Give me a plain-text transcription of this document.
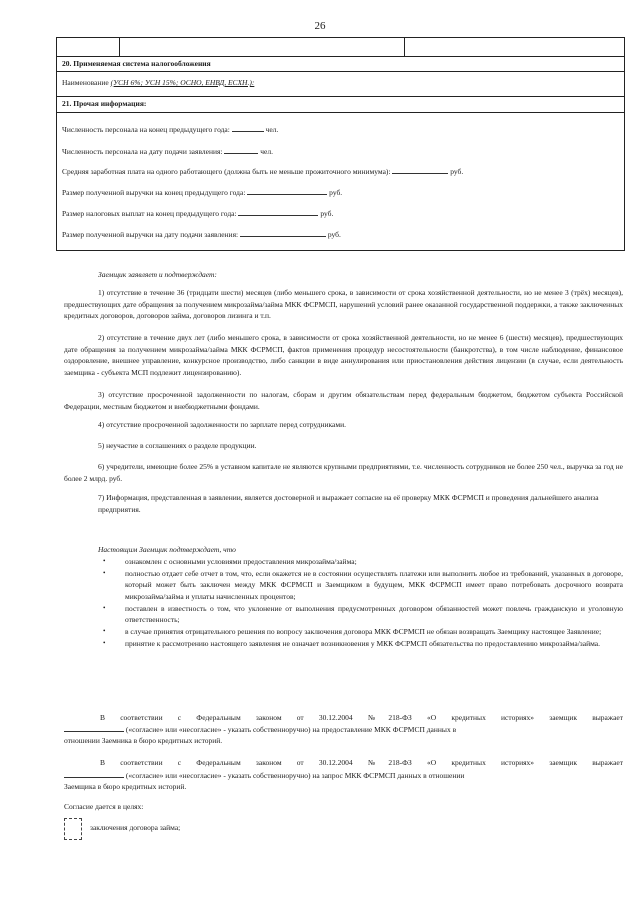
26
20. Применяемая система налогообложения
Наименование (УСН 6%; УСН 15%; ОСНО, ЕНВД, ЕСХН.):
21. Прочая информация:
Численность персонала на конец предыдущего года:	чел.
Численность персонала на дату подачи заявления:	чел.
Средняя заработная плата на одного работающего (должна быть не меньше прожиточного минимума):	руб.
Размер полученной выручки на конец предыдущего года:	руб.
Размер налоговых выплат на конец предыдущего года:	руб.
Размер полученной выручки на дату подачи заявления:	руб.
Заемщик заявляет и подтверждает:

1) отсутствие в течение 36 (тридцати шести) месяцев (либо меньшего срока, в зависимости от срока хозяйственной деятельности, но не менее 3 (трёх) месяцев), предшествующих дате обращения за получением микрозайма/займа МКК ФСРМСП, нарушений условий ранее оказанной государственной поддержки, а также заключенных кредитных договоров, договоров займа, договоров лизинга и т.п.

2) отсутствие в течение двух лет (либо меньшего срока, в зависимости от срока хозяйственной деятельности, но не менее 6 (шести) месяцев), предшествующих дате обращения за получением микрозайма/займа МКК ФСРМСП, фактов применения процедур несостоятельности (банкротства), в том числе наблюдение, финансовое оздоровление, внешнее управление, конкурсное производство, либо санкции в виде аннулирования или приостановления действия лицензии (в случае, если деятельность заемщика - субъекта МСП подлежит лицензированию).

3) отсутствие просроченной задолженности по налогам, сборам и другим обязательствам перед федеральным бюджетом, бюджетом субъекта Российской Федерации, местным бюджетом и внебюджетными фондами.

4) отсутствие просроченной задолженности по зарплате перед сотрудниками.

5) неучастие в соглашениях о разделе продукции.

6) учредители, имеющие более 25% в уставном капитале не являются крупными предприятиями, т.е. численность сотрудников не более 250 чел., выручка за год не более 2 млрд. руб.

7) Информация, представленная в заявлении, является достоверной и выражает согласие на её проверку МКК ФСРМСП и проведения дальнейшего анализа предприятия.

Настоящим Заемщик подтверждает, что
•	ознакомлен с основными условиями предоставления микрозайма/займа;
•	полностью отдает себе отчет в том, что, если окажется не в состоянии осуществлять платежи или выполнить любое из требований, указанных в договоре, который может быть заключен между МКК ФСРМСП и Заемщиком в будущем, МКК ФСРМСП имеет право потребовать досрочного возврата микрозайма/займа и уплаты начисленных процентов;
•	поставлен в известность о том, что уклонение от выполнения предусмотренных договором обязанностей может повлечь гражданскую и уголовную ответственность;
•	в случае принятия отрицательного решения по вопросу заключения договора МКК ФСРМСП не обязан возвращать Заемщику настоящее Заявление;
•	принятие к рассмотрению настоящего заявления не означает возникновения у МКК ФСРМСП обязательства по предоставлению микрозайма/займа.
В соответствии с Федеральным законом от 30.12.2004 №218-ФЗ «О кредитных историях» заемщик выражает
(«согласие» или «несогласие» - указать собственноручно) на предоставление МКК ФСРМСП данных в
отношении Заемника в бюро кредитных историй.
В соответствии с Федеральным законом от 30.12.2004 №218-ФЗ «О кредитных историях» заемщик выражает
(«согласие» или «несогласие» - указать собственноручно) на запрос МКК ФСРМСП данных в отношении
Заемщика в бюро кредитных историй.
Согласие дается в целях:
заключения договора займа;
